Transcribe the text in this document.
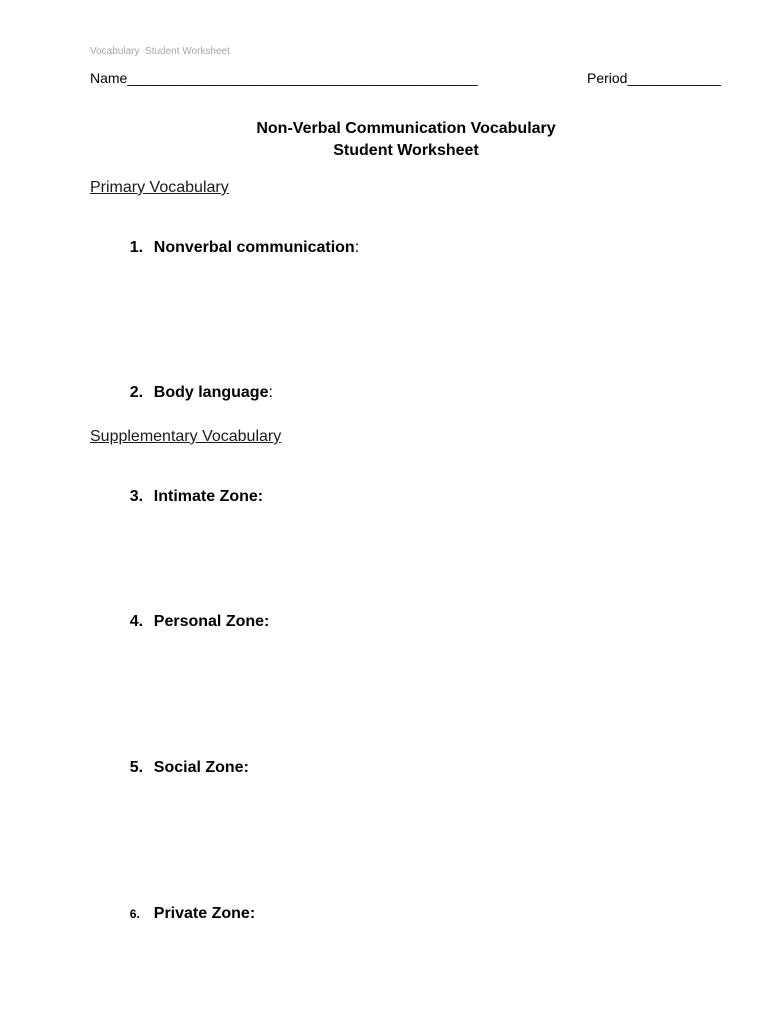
Vocabulary  Student Worksheet
Name_____________________________________________	Period____________
Non-Verbal Communication Vocabulary
Student Worksheet
Primary Vocabulary

1. Nonverbal communication:

2. Body language:

Supplementary Vocabulary

3. Intimate Zone:

4. Personal Zone:

5. Social Zone:

6. Private Zone:
